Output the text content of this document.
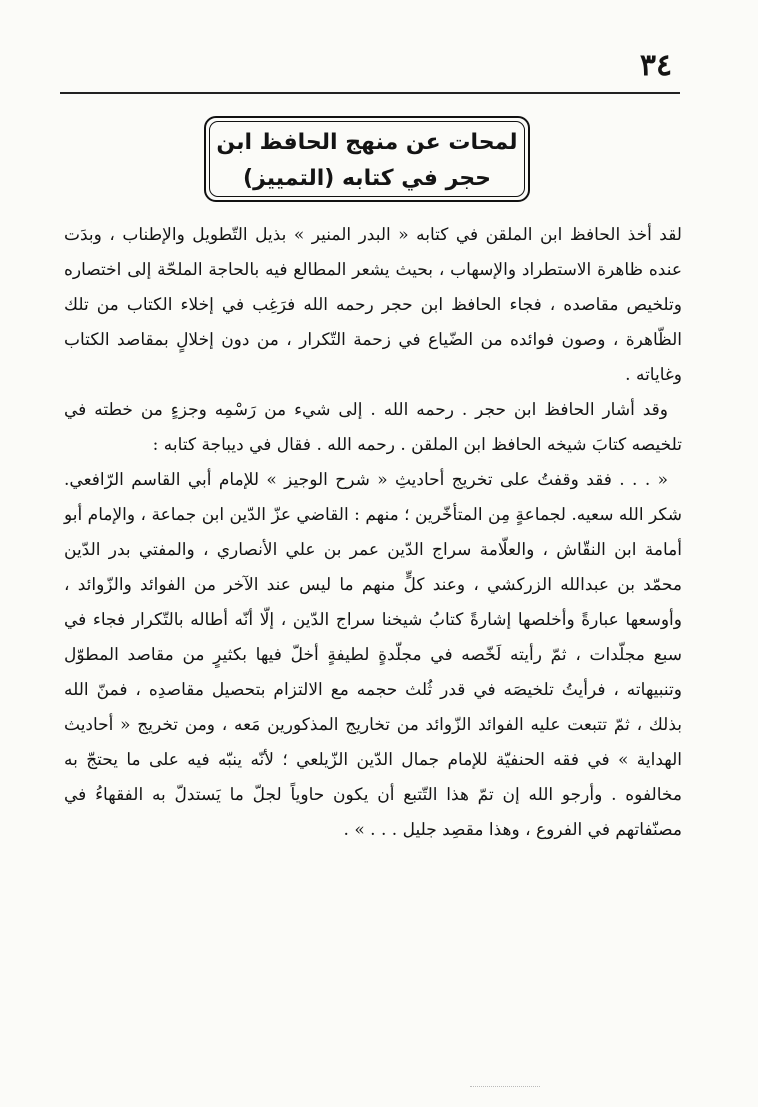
٣٤
لمحات عن منهج الحافظ ابن
حجر في كتابه (التمييز)

لقد أخذ الحافظ ابن الملقن في كتابه « البدر المنير » بذيل التّطويل والإطناب ، وبدَت عنده ظاهرة الاستطراد والإسهاب ، بحيث يشعر المطالع فيه بالحاجة الملحّة إلى اختصاره وتلخيص مقاصده ، فجاء الحافظ ابن حجر رحمه الله فرَغِب في إخلاء الكتاب من تلك الظّاهرة ، وصون فوائده من الضّياع في زحمة التّكرار ، من دون إخلالٍ بمقاصد الكتاب وغاياته .

وقد أشار الحافظ ابن حجر . رحمه الله . إلى شيء من رَسْمِه وجزءٍ من خطته في تلخيصه كتابَ شيخه الحافظ ابن الملقن . رحمه الله . فقال في ديباجة كتابه :

« . . . فقد وقفتُ على تخريج أحاديثِ « شرح الوجيز » للإمام أبي القاسم الرّافعي. شكر الله سعيه. لجماعةٍ مِن المتأخّرين ؛ منهم : القاضي عزّ الدّين ابن جماعة ، والإمام أبو أمامة ابن النقّاش ، والعلّامة سراج الدّين عمر بن علي الأنصاري ، والمفتي بدر الدّين محمّد بن عبدالله الزركشي ، وعند كلٍّ منهم ما ليس عند الآخر من الفوائد والزّوائد ، وأوسعها عبارةً وأخلصها إشارةً كتابُ شيخنا سراج الدّين ، إلّا أنّه أطاله بالتّكرار فجاء في سبع مجلّدات ، ثمّ رأيته لَخّصه في مجلّدةٍ لطيفةٍ أخلّ فيها بكثيرٍ من مقاصد المطوّل وتنبيهاته ، فرأيتُ تلخيصَه في قدر ثُلث حجمه مع الالتزام بتحصيل مقاصدِه ، فمنّ الله بذلك ، ثمّ تتبعت عليه الفوائد الزّوائد من تخاريج المذكورين مَعه ، ومن تخريج « أحاديث الهداية » في فقه الحنفيّة للإمام جمال الدّين الزّيلعي ؛ لأنّه ينبّه فيه على ما يحتجّ به مخالفوه . وأرجو الله إن تمّ هذا التّتبع أن يكون حاوياً لجلّ ما يَستدلّ به الفقهاءُ في مصنّفاتهم في الفروع ، وهذا مقصِد جليل . . . » .
